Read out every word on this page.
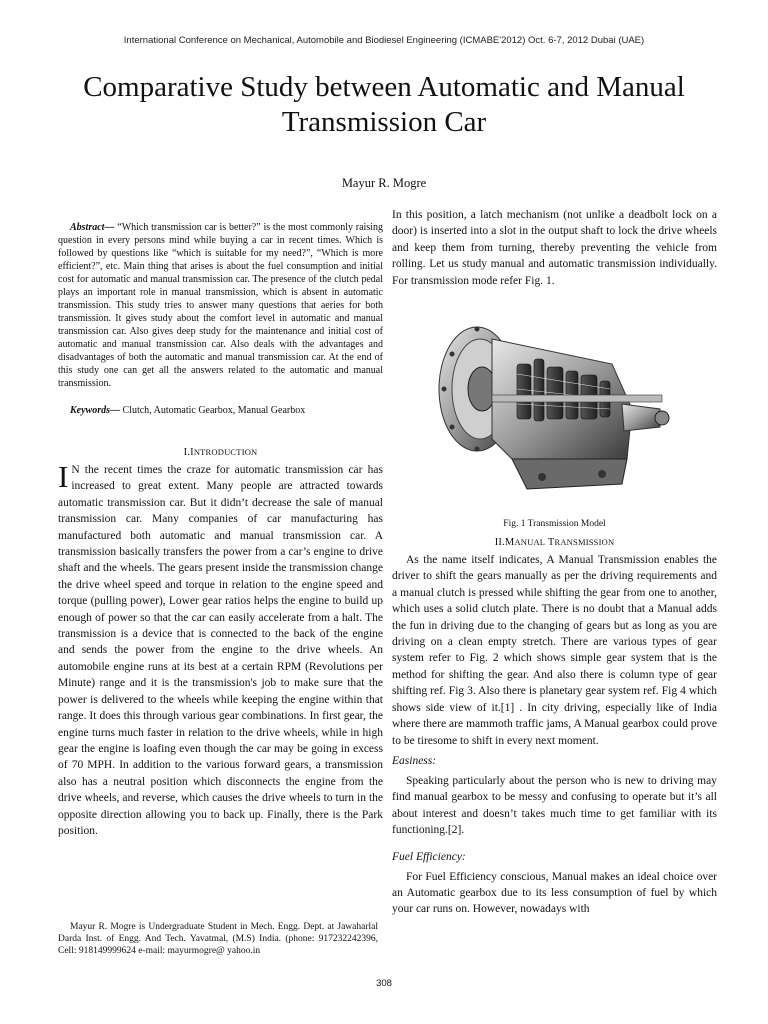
International Conference on Mechanical, Automobile and Biodiesel Engineering (ICMABE'2012) Oct. 6-7, 2012 Dubai (UAE)
Comparative Study between Automatic and Manual Transmission Car
Mayur R. Mogre

Abstract— “Which transmission car is better?” is the most commonly raising question in every persons mind while buying a car in recent times. Which is followed by questions like “which is suitable for my need?”, “Which is more efficient?”, etc. Main thing that arises is about the fuel consumption and initial cost for automatic and manual transmission car. The presence of the clutch pedal plays an important role in manual transmission, which is absent in automatic transmission. This study tries to answer many questions that aeries for both transmission. It gives study about the comfort level in automatic and manual transmission car. Also gives deep study for the maintenance and initial cost of automatic and manual transmission car. Also deals with the advantages and disadvantages of both the automatic and manual transmission car. At the end of this study one can get all the answers related to the automatic and manual transmission.

Keywords— Clutch, Automatic Gearbox, Manual Gearbox

I.INTRODUCTION

I N the recent times the craze for automatic transmission car has increased to great extent. Many people are attracted towards automatic transmission car. But it didn’t decrease the sale of manual transmission car. Many companies of car manufacturing has manufactured both automatic and manual transmission car. A transmission basically transfers the power from a car’s engine to drive shaft and the wheels. The gears present inside the transmission change the drive wheel speed and torque in relation to the engine speed and torque (pulling power), Lower gear ratios helps the engine to build up enough of power so that the car can easily accelerate from a halt. The transmission is a device that is connected to the back of the engine and sends the power from the engine to the drive wheels. An automobile engine runs at its best at a certain RPM (Revolutions per Minute) range and it is the transmission's job to make sure that the power is delivered to the wheels while keeping the engine within that range. It does this through various gear combinations. In first gear, the engine turns much faster in relation to the drive wheels, while in high gear the engine is loafing even though the car may be going in excess of 70 MPH. In addition to the various forward gears, a transmission also has a neutral position which disconnects the engine from the drive wheels, and reverse, which causes the drive wheels to turn in the opposite direction allowing you to back up. Finally, there is the Park position.

Mayur R. Mogre is Undergraduate Student in Mech. Engg. Dept. at Jawaharlal Darda Inst. of Engg. And Tech. Yavatmal, (M.S) India. (phone: 917232242396, Cell: 918149999624 e-mail: mayurmogre@ yahoo.in

In this position, a latch mechanism (not unlike a deadbolt lock on a door) is inserted into a slot in the output shaft to lock the drive wheels and keep them from turning, thereby preventing the vehicle from rolling. Let us study manual and automatic transmission individually. For transmission mode refer Fig. 1.

Fig. 1 Transmission Model
II.MANUAL TRANSMISSION

As the name itself indicates, A Manual Transmission enables the driver to shift the gears manually as per the driving requirements and a manual clutch is pressed while shifting the gear from one to another, which uses a solid clutch plate. There is no doubt that a Manual adds the fun in driving due to the changing of gears but as long as you are driving on a clean empty stretch. There are various types of gear system refer to Fig. 2 which shows simple gear system that is the method for shifting the gear. And also there is column type of gear shifting ref. Fig 3. Also there is planetary gear system ref. Fig 4 which shows side view of it.[1] . In city driving, especially like of India where there are mammoth traffic jams, A Manual gearbox could prove to be tiresome to shift in every next moment.

Easiness:

Speaking particularly about the person who is new to driving may find manual gearbox to be messy and confusing to operate but it’s all about interest and doesn’t takes much time to get familiar with its functioning.[2].

Fuel Efficiency:

For Fuel Efficiency conscious, Manual makes an ideal choice over an Automatic gearbox due to its less consumption of fuel by which your car runs on. However, nowadays with

308
